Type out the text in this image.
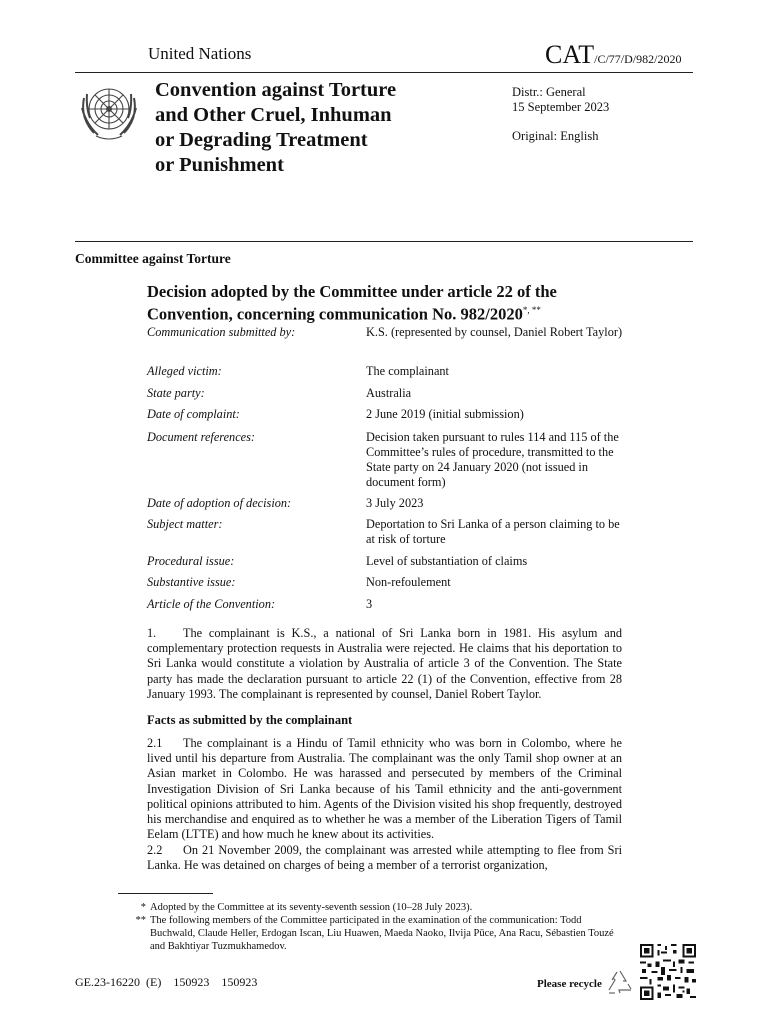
United Nations	CAT/C/77/D/982/2020
Convention against Torture
and Other Cruel, Inhuman
or Degrading Treatment
or Punishment
Distr.: General
15 September 2023
Original: English
Committee against Torture
Decision adopted by the Committee under article 22 of the
Convention, concerning communication No. 982/2020*, **
Communication submitted by:	K.S. (represented by counsel, Daniel Robert Taylor)
Alleged victim:	The complainant
State party:	Australia
Date of complaint:	2 June 2019 (initial submission)
Document references:	Decision taken pursuant to rules 114 and 115 of the Committee’s rules of procedure, transmitted to the State party on 24 January 2020 (not issued in document form)
Date of adoption of decision:	3 July 2023
Subject matter:	Deportation to Sri Lanka of a person claiming to be at risk of torture
Procedural issue:	Level of substantiation of claims
Substantive issue:	Non-refoulement
Article of the Convention:	3
1. The complainant is K.S., a national of Sri Lanka born in 1981. His asylum and complementary protection requests in Australia were rejected. He claims that his deportation to Sri Lanka would constitute a violation by Australia of article 3 of the Convention. The State party has made the declaration pursuant to article 22 (1) of the Convention, effective from 28 January 1993. The complainant is represented by counsel, Daniel Robert Taylor.
Facts as submitted by the complainant
2.1 The complainant is a Hindu of Tamil ethnicity who was born in Colombo, where he lived until his departure from Australia. The complainant was the only Tamil shop owner at an Asian market in Colombo. He was harassed and persecuted by members of the Criminal Investigation Division of Sri Lanka because of his Tamil ethnicity and the anti-government political opinions attributed to him. Agents of the Division visited his shop frequently, destroyed his merchandise and enquired as to whether he was a member of the Liberation Tigers of Tamil Eelam (LTTE) and how much he knew about its activities.
2.2 On 21 November 2009, the complainant was arrested while attempting to flee from Sri Lanka. He was detained on charges of being a member of a terrorist organization,
* Adopted by the Committee at its seventy-seventh session (10–28 July 2023).
** The following members of the Committee participated in the examination of the communication: Todd Buchwald, Claude Heller, Erdogan Iscan, Liu Huawen, Maeda Naoko, Ilvija Pūce, Ana Racu, Sébastien Touzé and Bakhtiyar Tuzmukhamedov.
GE.23-16220  (E)    150923    150923	Please recycle
